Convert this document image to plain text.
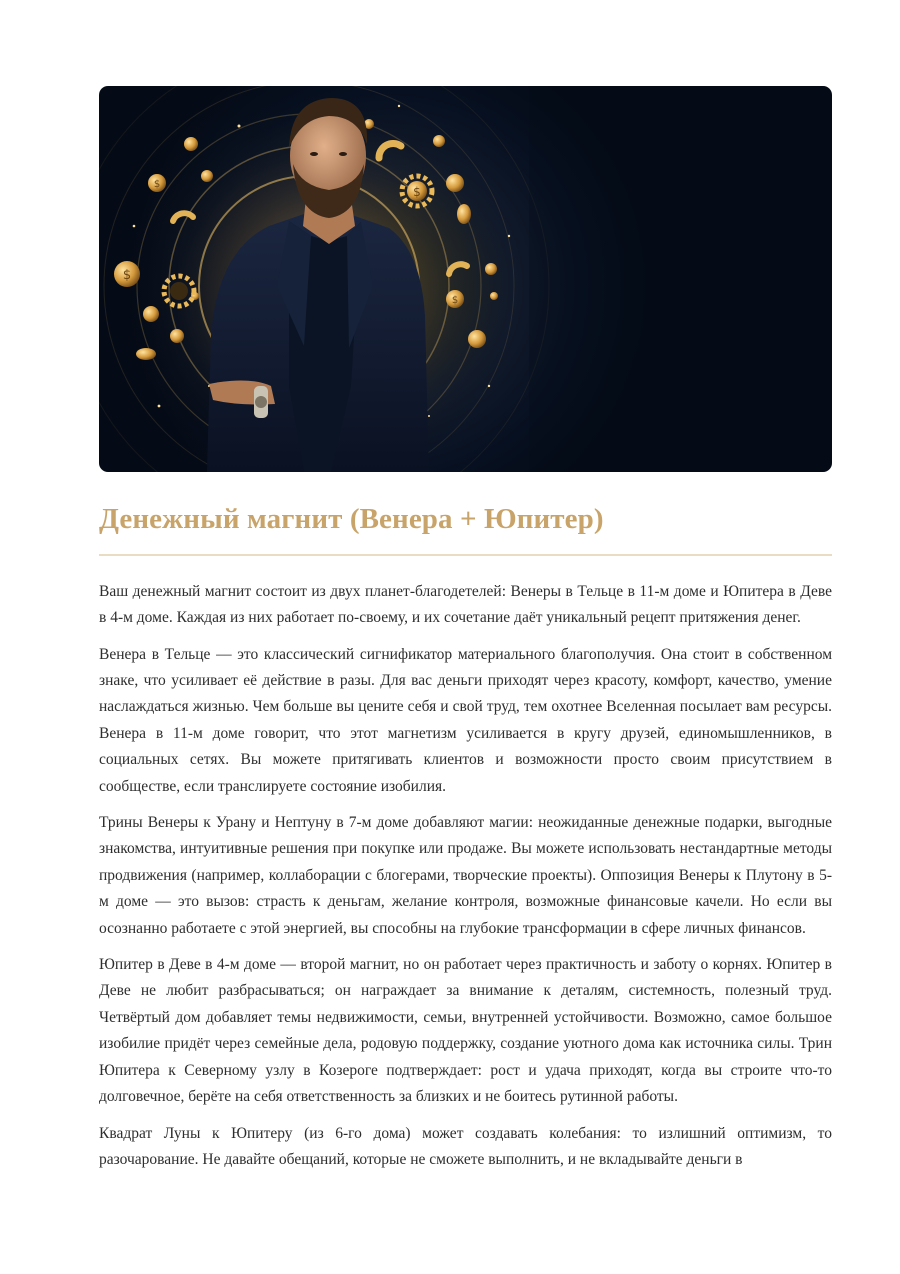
$
$
$
$
Денежный магнит (Венера + Юпитер)

Ваш денежный магнит состоит из двух планет-благодетелей: Венеры в Тельце в 11-м доме и Юпитера в Деве в 4-м доме. Каждая из них работает по-своему, и их сочетание даёт уникальный рецепт притяжения денег.

Венера в Тельце — это классический сигнификатор материального благополучия. Она стоит в собственном знаке, что усиливает её действие в разы. Для вас деньги приходят через красоту, комфорт, качество, умение наслаждаться жизнью. Чем больше вы цените себя и свой труд, тем охотнее Вселенная посылает вам ресурсы. Венера в 11-м доме говорит, что этот магнетизм усиливается в кругу друзей, единомышленников, в социальных сетях. Вы можете притягивать клиентов и возможности просто своим присутствием в сообществе, если транслируете состояние изобилия.

Трины Венеры к Урану и Нептуну в 7-м доме добавляют магии: неожиданные денежные подарки, выгодные знакомства, интуитивные решения при покупке или продаже. Вы можете использовать нестандартные методы продвижения (например, коллаборации с блогерами, творческие проекты). Оппозиция Венеры к Плутону в 5-м доме — это вызов: страсть к деньгам, желание контроля, возможные финансовые качели. Но если вы осознанно работаете с этой энергией, вы способны на глубокие трансформации в сфере личных финансов.

Юпитер в Деве в 4-м доме — второй магнит, но он работает через практичность и заботу о корнях. Юпитер в Деве не любит разбрасываться; он награждает за внимание к деталям, системность, полезный труд. Четвёртый дом добавляет темы недвижимости, семьи, внутренней устойчивости. Возможно, самое большое изобилие придёт через семейные дела, родовую поддержку, создание уютного дома как источника силы. Трин Юпитера к Северному узлу в Козероге подтверждает: рост и удача приходят, когда вы строите что-то долговечное, берёте на себя ответственность за близких и не боитесь рутинной работы.

Квадрат Луны к Юпитеру (из 6-го дома) может создавать колебания: то излишний оптимизм, то разочарование. Не давайте обещаний, которые не сможете выполнить, и не вкладывайте деньги в
